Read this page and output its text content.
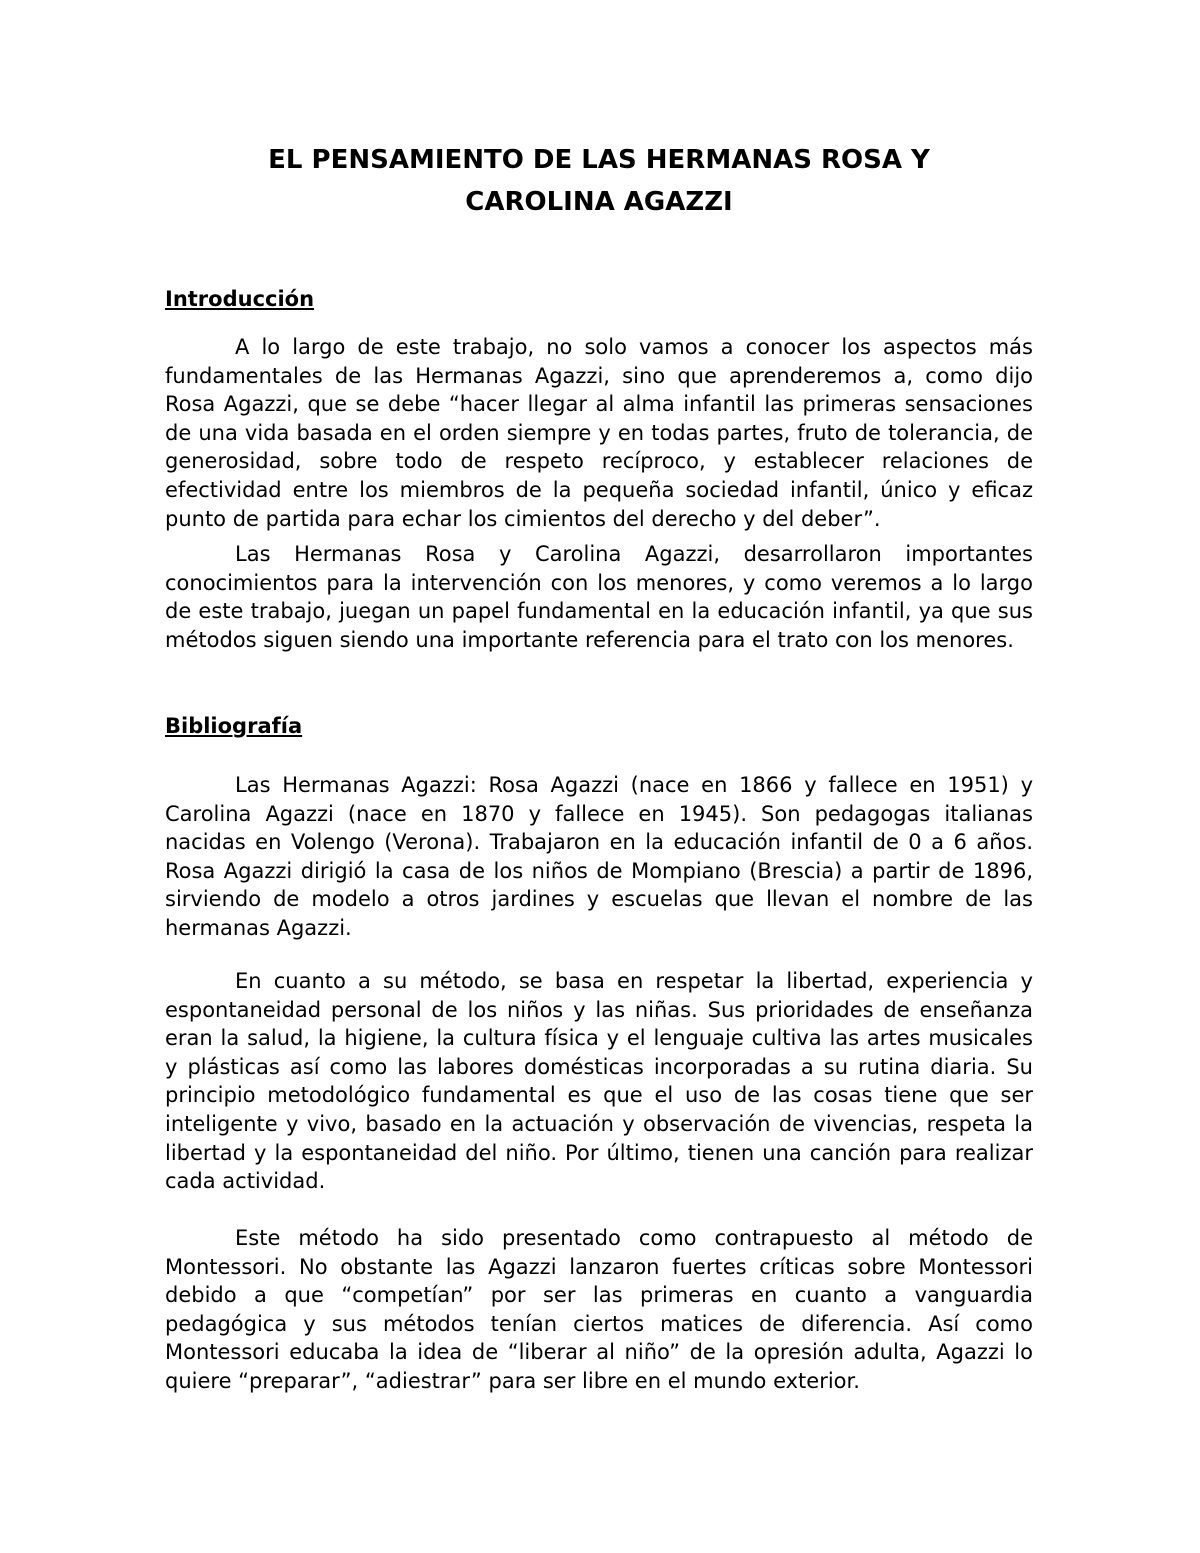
EL PENSAMIENTO DE LAS HERMANAS ROSA Y
CAROLINA AGAZZI
Introducción

A lo largo de este trabajo, no solo vamos a conocer los aspectos más fundamentales de las Hermanas Agazzi, sino que aprenderemos a, como dijo Rosa Agazzi, que se debe “hacer llegar al alma infantil las primeras sensaciones de una vida basada en el orden siempre y en todas partes, fruto de tolerancia, de generosidad, sobre todo de respeto recíproco, y establecer relaciones de efectividad entre los miembros de la pequeña sociedad infantil, único y eficaz punto de partida para echar los cimientos del derecho y del deber”.

Las Hermanas Rosa y Carolina Agazzi, desarrollaron importantes conocimientos para la intervención con los menores, y como veremos a lo largo de este trabajo, juegan un papel fundamental en la educación infantil, ya que sus métodos siguen siendo una importante referencia para el trato con los menores.

Bibliografía

Las Hermanas Agazzi: Rosa Agazzi (nace en 1866 y fallece en 1951) y Carolina Agazzi (nace en 1870 y fallece en 1945). Son pedagogas italianas nacidas en Volengo (Verona). Trabajaron en la educación infantil de 0 a 6 años. Rosa Agazzi dirigió la casa de los niños de Mompiano (Brescia) a partir de 1896, sirviendo de modelo a otros jardines y escuelas que llevan el nombre de las hermanas Agazzi.

En cuanto a su método, se basa en respetar la libertad, experiencia y espontaneidad personal de los niños y las niñas. Sus prioridades de enseñanza eran la salud, la higiene, la cultura física y el lenguaje cultiva las artes musicales y plásticas así como las labores domésticas incorporadas a su rutina diaria. Su principio metodológico fundamental es que el uso de las cosas tiene que ser inteligente y vivo, basado en la actuación y observación de vivencias, respeta la libertad y la espontaneidad del niño. Por último, tienen una canción para realizar cada actividad.

Este método ha sido presentado como contrapuesto al método de Montessori. No obstante las Agazzi lanzaron fuertes críticas sobre Montessori debido a que “competían” por ser las primeras en cuanto a vanguardia pedagógica y sus métodos tenían ciertos matices de diferencia. Así como Montessori educaba la idea de “liberar al niño” de la opresión adulta, Agazzi lo quiere “preparar”, “adiestrar” para ser libre en el mundo exterior.
